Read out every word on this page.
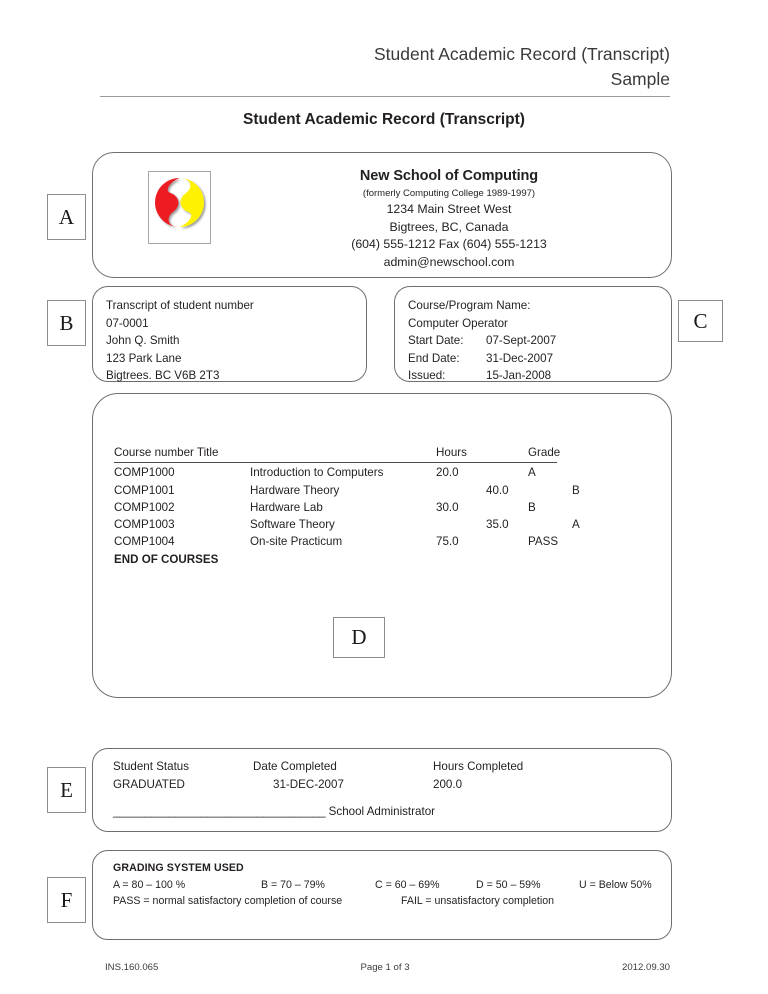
Student Academic Record (Transcript)
Sample
Student Academic Record (Transcript)
New School of Computing
(formerly Computing College 1989-1997)
1234 Main Street West
Bigtrees, BC, Canada
(604) 555-1212 Fax (604) 555-1213
admin@newschool.com
Transcript of student number
07-0001
John Q. Smith
123 Park Lane
Bigtrees. BC V6B 2T3
Course/Program Name:
Computer Operator
Start Date: 07-Sept-2007
End Date: 31-Dec-2007
Issued:	15-Jan-2008
Course number Title	Hours	Grade
COMP1000	Introduction to Computers	20.0	A
COMP1001	Hardware Theory	40.0	B
COMP1002	Hardware Lab	30.0	B
COMP1003	Software Theory	35.0	A
COMP1004	On-site Practicum	75.0	PASS
END OF COURSES
Student Status	Date Completed	Hours Completed
GRADUATED	31-DEC-2007	200.0
__________________________________ School Administrator
GRADING SYSTEM USED
A = 80 – 100 %	B = 70 – 79%	C = 60 – 69%	D = 50 – 59%	U = Below 50%
PASS = normal satisfactory completion of course	FAIL = unsatisfactory completion
A
B	C
D
E
F
INS.160.065	Page 1 of 3	2012.09.30
